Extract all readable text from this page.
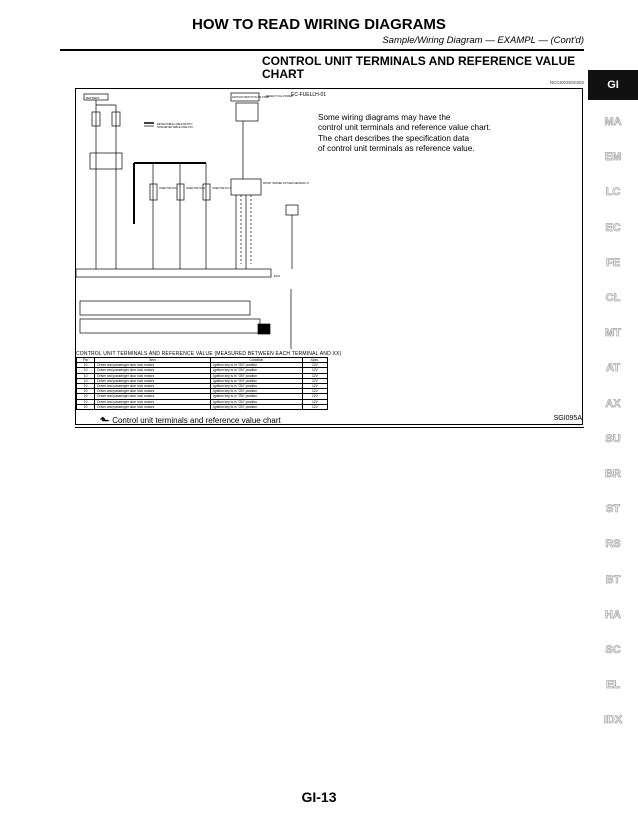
HOW TO READ WIRING DIAGRAMS
Sample/Wiring Diagram — EXAMPL — (Cont'd)
CONTROL UNIT TERMINALS AND REFERENCE VALUE CHART
NCGI0035S0302
BATTERY
DETECTABLE LINE FOR DTC
NON-DETECTABLE LINE DTC
IGNITION SWITCH ON OR START
REFER TO EL-POWER
FRONT HEATED OXYGEN SENSOR LH
INJECTOR NO.1	INJECTOR NO.2	INJECTOR NO.3
ECM
EC-FUELLH-01
Some wiring diagrams may have the
control unit terminals and reference value chart.
The chart describes the specification data
of control unit terminals as reference value.
CONTROL UNIT TERMINALS AND REFERENCE VALUE (MEASURED BETWEEN EACH TERMINAL AND XX)
Pin	Item	Condition	Spec.
10	Driver and passenger door lock motors	Ignition key is in "ON" position	12V
10	Driver and passenger door lock motors	Ignition key is in "ON" position	12V
10	Driver and passenger door lock motors	Ignition key is in "ON" position	12V
10	Driver and passenger door lock motors	Ignition key is in "ON" position	12V
10	Driver and passenger door lock motors	Ignition key is in "ON" position	12V
10	Driver and passenger door lock motors	Ignition key is in "ON" position	12V
10	Driver and passenger door lock motors	Ignition key is in "ON" position	12V
10	Driver and passenger door lock motors	Ignition key is in "ON" position	12V
10	Driver and passenger door lock motors	Ignition key is in "ON" position	12V
⬑ Control unit terminals and reference value chart	SGI095A
GI
MA
EM
LC
EC
FE
CL
MT
AT
AX
SU
BR
ST
RS
BT
HA
SC
EL
IDX
GI-13
